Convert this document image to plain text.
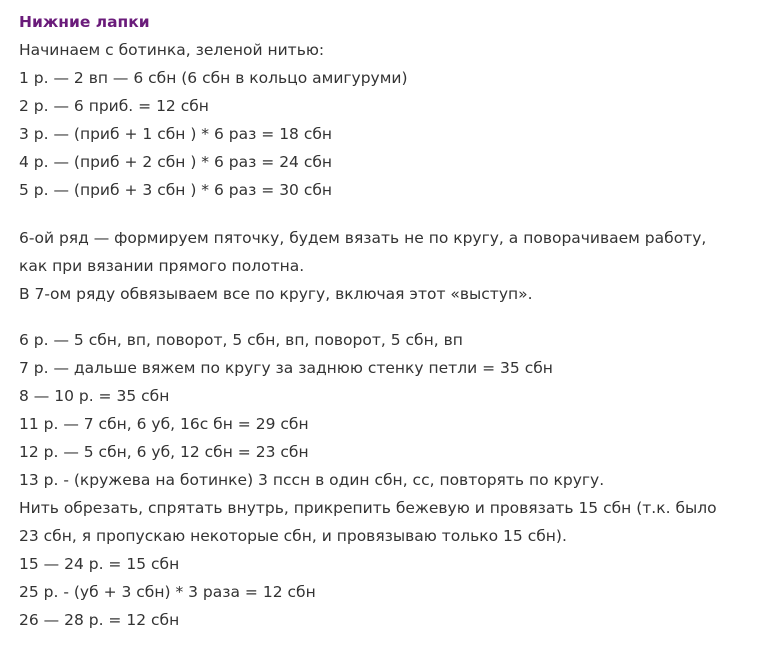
Нижние лапки
Начинаем с ботинка, зеленой нитью:
1 р. — 2 вп — 6 сбн (6 сбн в кольцо амигуруми)
2 р. — 6 приб. = 12 сбн
3 р. — (приб + 1 сбн ) * 6 раз = 18 сбн
4 р. — (приб + 2 сбн ) * 6 раз = 24 сбн
5 р. — (приб + 3 сбн ) * 6 раз = 30 сбн
6-ой ряд — формируем пяточку, будем вязать не по кругу, а поворачиваем работу,
как при вязании прямого полотна.
В 7-ом ряду обвязываем все по кругу, включая этот «выступ».
6 р. — 5 сбн, вп, поворот, 5 сбн, вп, поворот, 5 сбн, вп
7 р. — дальше вяжем по кругу за заднюю стенку петли = 35 сбн
8 — 10 р. = 35 сбн
11 р. — 7 сбн, 6 уб, 16с бн = 29 сбн
12 р. — 5 сбн, 6 уб, 12 сбн = 23 сбн
13 р. - (кружева на ботинке) 3 пссн в один сбн, сс, повторять по кругу.
Нить обрезать, спрятать внутрь, прикрепить бежевую и провязать 15 сбн (т.к. было
23 сбн, я пропускаю некоторые сбн, и провязываю только 15 сбн).
15 — 24 р. = 15 сбн
25 р. - (уб + 3 сбн) * 3 раза = 12 сбн
26 — 28 р. = 12 сбн
